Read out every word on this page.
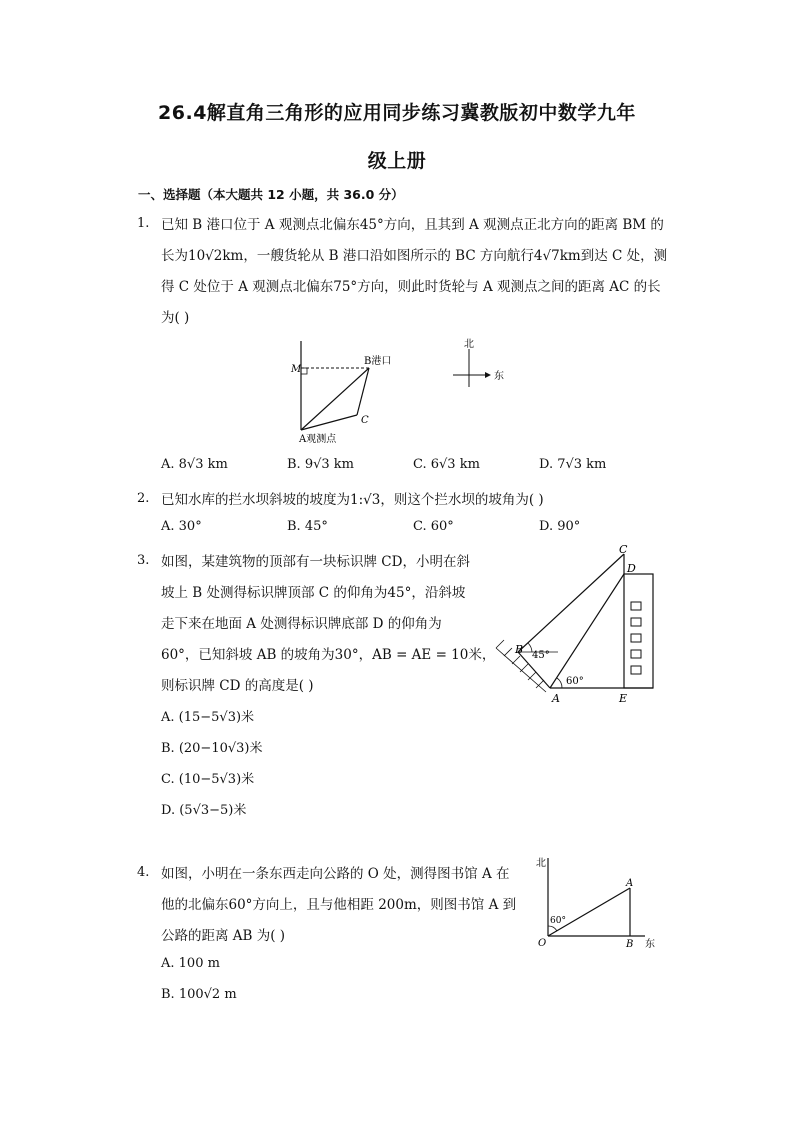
26.4解直角三角形的应用同步练习冀教版初中数学九年
级上册
一、选择题（本大题共 12 小题，共 36.0 分）
1. 已知 B 港口位于 A 观测点北偏东45°方向，且其到 A 观测点正北方向的距离 BM 的
长为10√2km，一艘货轮从 B 港口沿如图所示的 BC 方向航行4√7km到达 C 处，测
得 C 处位于 A 观测点北偏东75°方向，则此时货轮与 A 观测点之间的距离 AC 的长
为( )
M
B港口
C
A观测点
北
东
A. 8√3 km	B. 9√3 km	C. 6√3 km	D. 7√3 km
2. 已知水库的拦水坝斜坡的坡度为1:√3，则这个拦水坝的坡角为( )
A. 30°	B. 45°	C. 60°	D. 90°
3. 如图，某建筑物的顶部有一块标识牌 CD，小明在斜
坡上 B 处测得标识牌顶部 C 的仰角为45°，沿斜坡
走下来在地面 A 处测得标识牌底部 D 的仰角为
60°，已知斜坡 AB 的坡角为30°，AB = AE = 10米，
则标识牌 CD 的高度是( )
C
D
B 45°
60°
A	E
A. (15−5√3)米
B. (20−10√3)米
C. (10−5√3)米
D. (5√3−5)米
4. 如图，小明在一条东西走向公路的 O 处，测得图书馆 A 在
他的北偏东60°方向上，且与他相距 200m，则图书馆 A 到
公路的距离 AB 为( )
北
A
60°
O	B 东
A. 100 m
B. 100√2 m
